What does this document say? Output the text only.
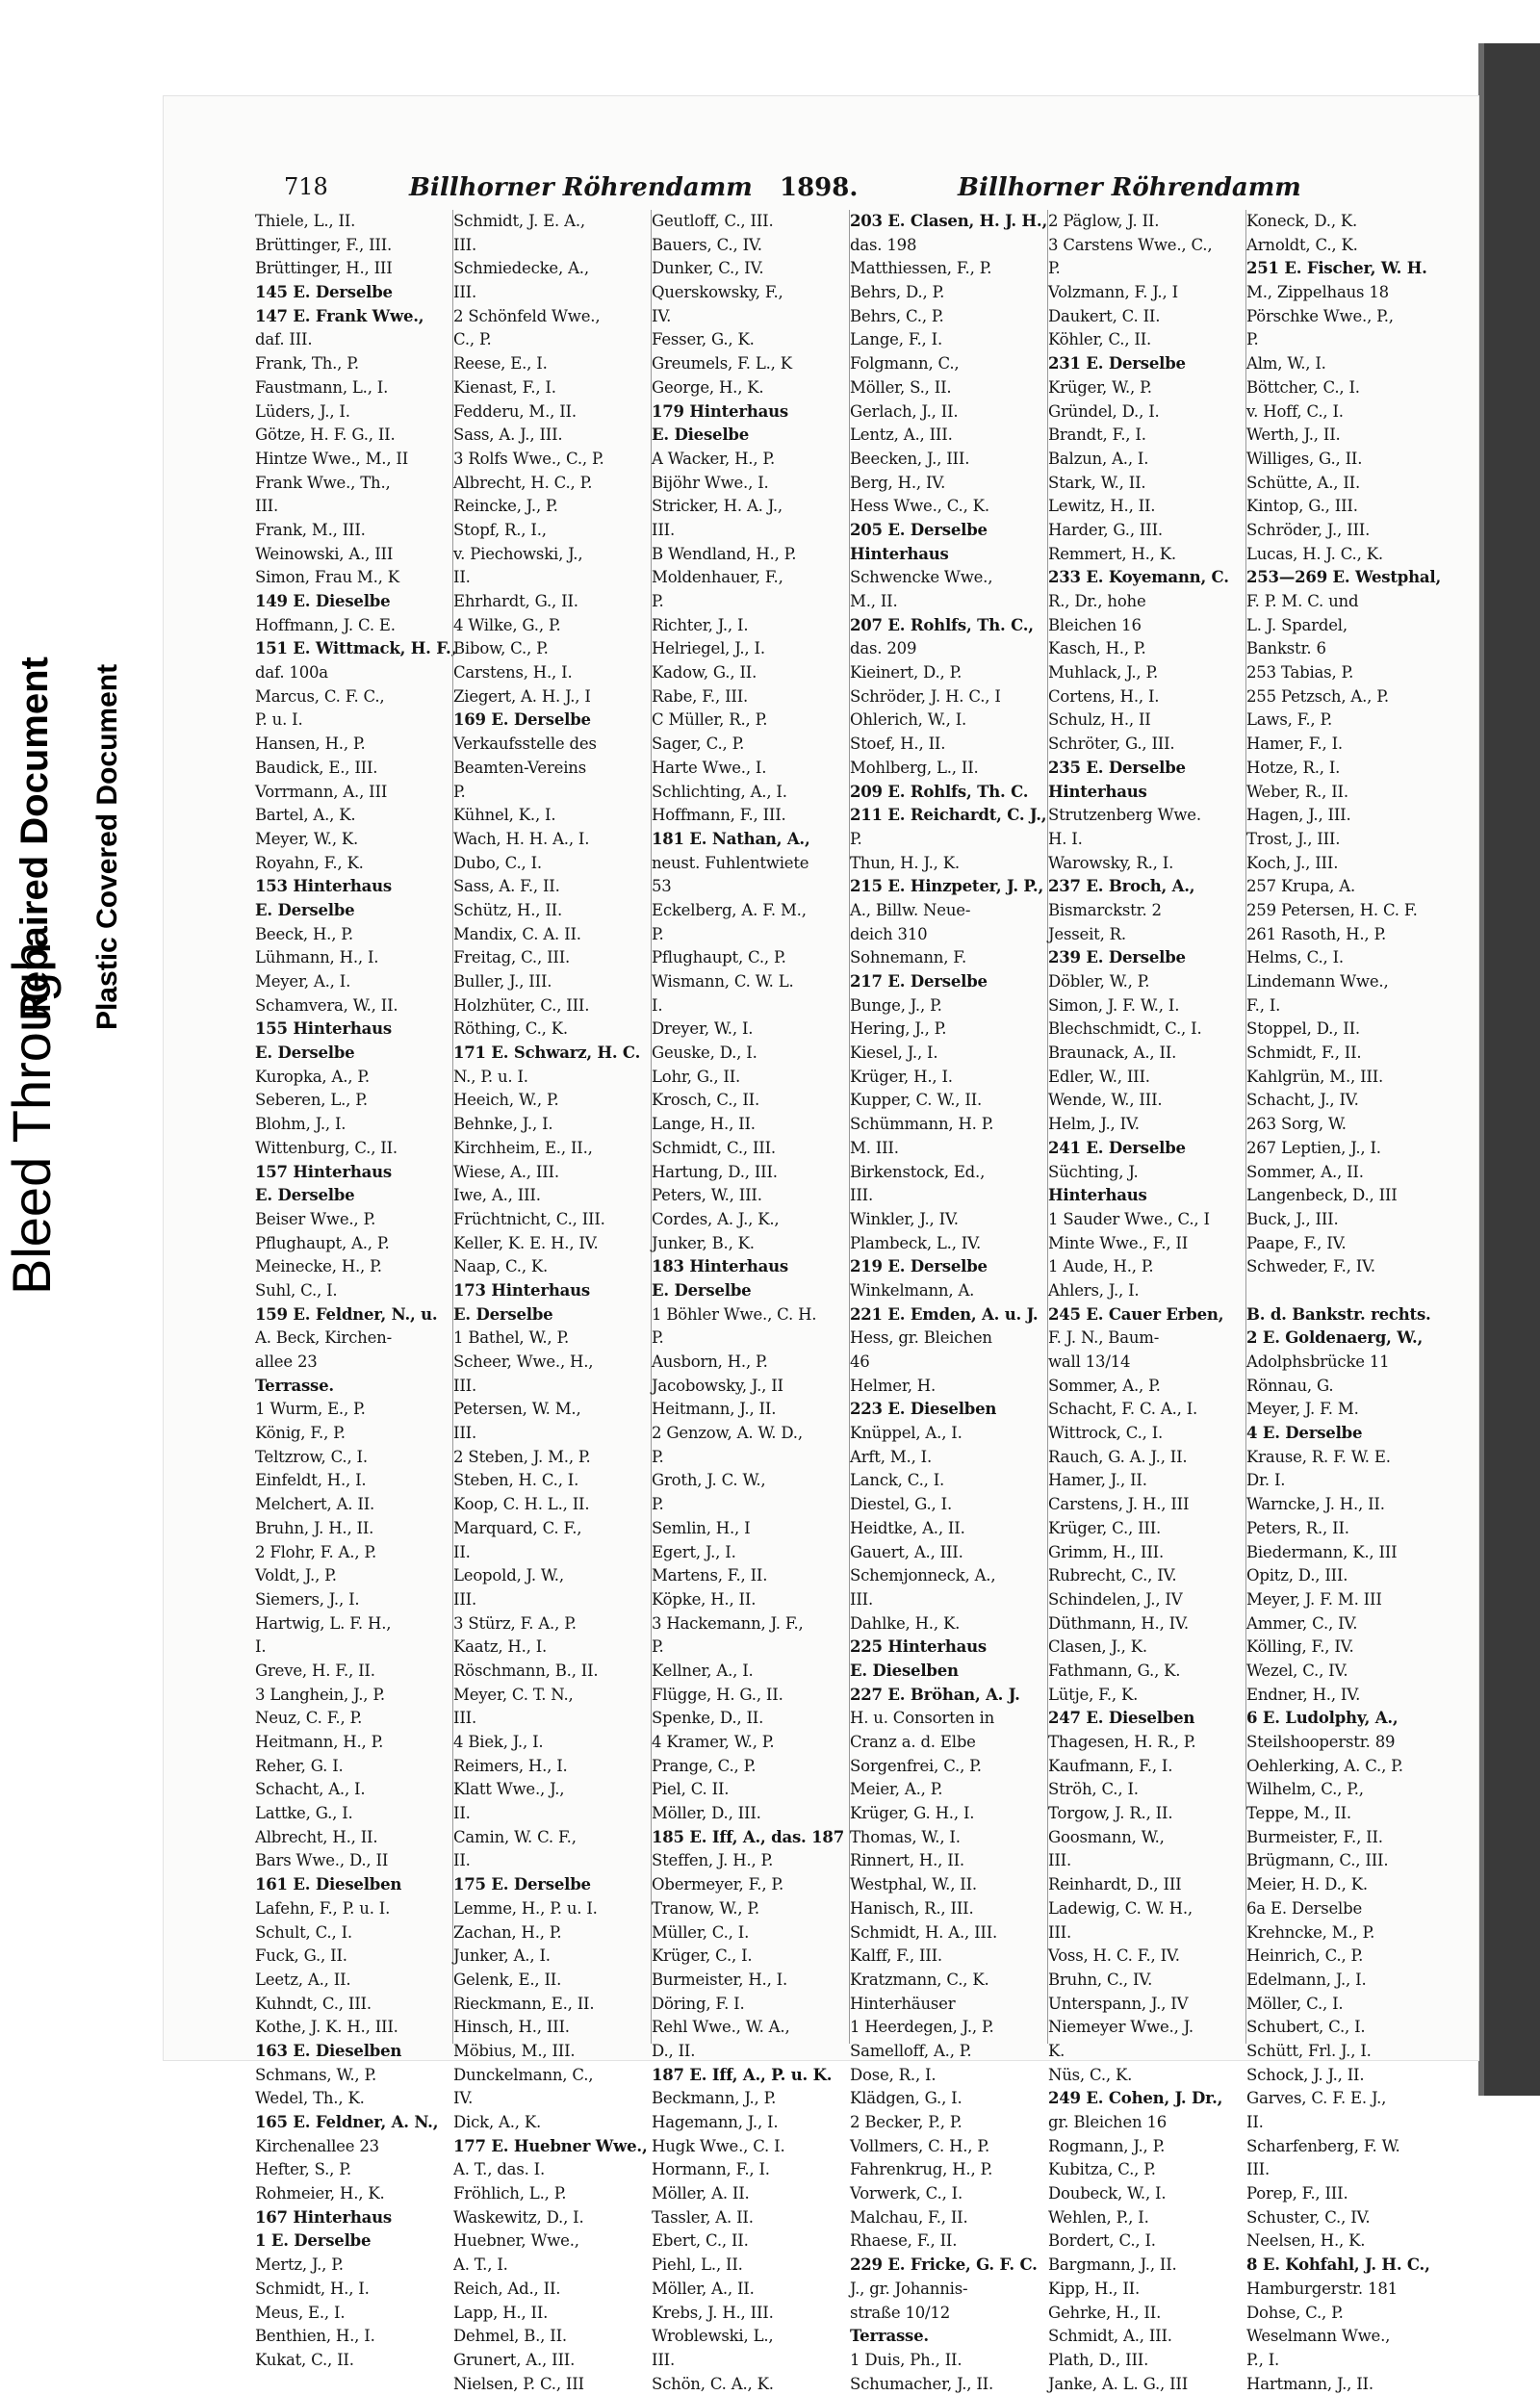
Bleed Through
Repaired Document Plastic Covered Document
718	Billhorner Röhrendamm 1898.	Billhorner Röhrendamm
Thiele, L., II.
Brüttinger, F., III.
Brüttinger, H., III
145 E. Derselbe
147 E. Frank Wwe.,
daf. III.
Frank, Th., P.
Faustmann, L., I.
Lüders, J., I.
Götze, H. F. G., II.
Hintze Wwe., M., II
Frank Wwe., Th.,
III.
Frank, M., III.
Weinowski, A., III
Simon, Frau M., K
149 E. Dieselbe
Hoffmann, J. C. E.
151 E. Wittmack, H. F.,
daf. 100a
Marcus, C. F. C.,
P. u. I.
Hansen, H., P.
Baudick, E., III.
Vorrmann, A., III
Bartel, A., K.
Meyer, W., K.
Royahn, F., K.
153 Hinterhaus
E. Derselbe
Beeck, H., P.
Lühmann, H., I.
Meyer, A., I.
Schamvera, W., II.
155 Hinterhaus
E. Derselbe
Kuropka, A., P.
Seberen, L., P.
Blohm, J., I.
Wittenburg, C., II.
157 Hinterhaus
E. Derselbe
Beiser Wwe., P.
Pflughaupt, A., P.
Meinecke, H., P.
Suhl, C., I.
159 E. Feldner, N., u.
A. Beck, Kirchen-
allee 23
Terrasse.
1 Wurm, E., P.
König, F., P.
Teltzrow, C., I.
Einfeldt, H., I.
Melchert, A. II.
Bruhn, J. H., II.
2 Flohr, F. A., P.
Voldt, J., P.
Siemers, J., I.
Hartwig, L. F. H.,
I.
Greve, H. F., II.
3 Langhein, J., P.
Neuz, C. F., P.
Heitmann, H., P.
Reher, G. I.
Schacht, A., I.
Lattke, G., I.
Albrecht, H., II.
Bars Wwe., D., II
161 E. Dieselben
Lafehn, F., P. u. I.
Schult, C., I.
Fuck, G., II.
Leetz, A., II.
Kuhndt, C., III.
Kothe, J. K. H., III.
163 E. Dieselben
Schmans, W., P.
Wedel, Th., K.
165 E. Feldner, A. N.,
Kirchenallee 23
Hefter, S., P.
Rohmeier, H., K.
167 Hinterhaus
1 E. Derselbe
Mertz, J., P.
Schmidt, H., I.
Meus, E., I.
Benthien, H., I.
Kukat, C., II.
Schmidt, J. E. A.,
III.
Schmiedecke, A.,
III.
2 Schönfeld Wwe.,
C., P.
Reese, E., I.
Kienast, F., I.
Fedderu, M., II.
Sass, A. J., III.
3 Rolfs Wwe., C., P.
Albrecht, H. C., P.
Reincke, J., P.
Stopf, R., I.,
v. Piechowski, J.,
II.
Ehrhardt, G., II.
4 Wilke, G., P.
Bibow, C., P.
Carstens, H., I.
Ziegert, A. H. J., I
169 E. Derselbe
Verkaufsstelle des
Beamten-Vereins
P.
Kühnel, K., I.
Wach, H. H. A., I.
Dubo, C., I.
Sass, A. F., II.
Schütz, H., II.
Mandix, C. A. II.
Freitag, C., III.
Buller, J., III.
Holzhüter, C., III.
Röthing, C., K.
171 E. Schwarz, H. C.
N., P. u. I.
Heeich, W., P.
Behnke, J., I.
Kirchheim, E., II.,
Wiese, A., III.
Iwe, A., III.
Früchtnicht, C., III.
Keller, K. E. H., IV.
Naap, C., K.
173 Hinterhaus
E. Derselbe
1 Bathel, W., P.
Scheer, Wwe., H.,
III.
Petersen, W. M.,
III.
2 Steben, J. M., P.
Steben, H. C., I.
Koop, C. H. L., II.
Marquard, C. F.,
II.
Leopold, J. W.,
III.
3 Stürz, F. A., P.
Kaatz, H., I.
Röschmann, B., II.
Meyer, C. T. N.,
III.
4 Biek, J., I.
Reimers, H., I.
Klatt Wwe., J.,
II.
Camin, W. C. F.,
II.
175 E. Derselbe
Lemme, H., P. u. I.
Zachan, H., P.
Junker, A., I.
Gelenk, E., II.
Rieckmann, E., II.
Hinsch, H., III.
Möbius, M., III.
Dunckelmann, C.,
IV.
Dick, A., K.
177 E. Huebner Wwe.,
A. T., das. I.
Fröhlich, L., P.
Waskewitz, D., I.
Huebner, Wwe.,
A. T., I.
Reich, Ad., II.
Lapp, H., II.
Dehmel, B., II.
Grunert, A., III.
Nielsen, P. C., III
Geutloff, C., III.
Bauers, C., IV.
Dunker, C., IV.
Querskowsky, F.,
IV.
Fesser, G., K.
Greumels, F. L., K
George, H., K.
179 Hinterhaus
E. Dieselbe
A Wacker, H., P.
Bijöhr Wwe., I.
Stricker, H. A. J.,
III.
B Wendland, H., P.
Moldenhauer, F.,
P.
Richter, J., I.
Helriegel, J., I.
Kadow, G., II.
Rabe, F., III.
C Müller, R., P.
Sager, C., P.
Harte Wwe., I.
Schlichting, A., I.
Hoffmann, F., III.
181 E. Nathan, A.,
neust. Fuhlentwiete
53
Eckelberg, A. F. M.,
P.
Pflughaupt, C., P.
Wismann, C. W. L.
I.
Dreyer, W., I.
Geuske, D., I.
Lohr, G., II.
Krosch, C., II.
Lange, H., II.
Schmidt, C., III.
Hartung, D., III.
Peters, W., III.
Cordes, A. J., K.,
Junker, B., K.
183 Hinterhaus
E. Derselbe
1 Böhler Wwe., C. H.
P.
Ausborn, H., P.
Jacobowsky, J., II
Heitmann, J., II.
2 Genzow, A. W. D.,
P.
Groth, J. C. W.,
P.
Semlin, H., I
Egert, J., I.
Martens, F., II.
Köpke, H., II.
3 Hackemann, J. F.,
P.
Kellner, A., I.
Flügge, H. G., II.
Spenke, D., II.
4 Kramer, W., P.
Prange, C., P.
Piel, C. II.
Möller, D., III.
185 E. Iff, A., das. 187
Steffen, J. H., P.
Obermeyer, F., P.
Tranow, W., P.
Müller, C., I.
Krüger, C., I.
Burmeister, H., I.
Döring, F. I.
Rehl Wwe., W. A.,
D., II.
187 E. Iff, A., P. u. K.
Beckmann, J., P.
Hagemann, J., I.
Hugk Wwe., C. I.
Hormann, F., I.
Möller, A. II.
Tassler, A. II.
Ebert, C., II.
Piehl, L., II.
Möller, A., II.
Krebs, J. H., III.
Wroblewski, L.,
III.
Schön, C. A., K.
203 E. Clasen, H. J. H.,
das. 198
Matthiessen, F., P.
Behrs, D., P.
Behrs, C., P.
Lange, F., I.
Folgmann, C.,
Möller, S., II.
Gerlach, J., II.
Lentz, A., III.
Beecken, J., III.
Berg, H., IV.
Hess Wwe., C., K.
205 E. Derselbe
Hinterhaus
Schwencke Wwe.,
M., II.
207 E. Rohlfs, Th. C.,
das. 209
Kieinert, D., P.
Schröder, J. H. C., I
Ohlerich, W., I.
Stoef, H., II.
Mohlberg, L., II.
209 E. Rohlfs, Th. C.
211 E. Reichardt, C. J.,
P.
Thun, H. J., K.
215 E. Hinzpeter, J. P.,
A., Billw. Neue-
deich 310
Sohnemann, F.
217 E. Derselbe
Bunge, J., P.
Hering, J., P.
Kiesel, J., I.
Krüger, H., I.
Kupper, C. W., II.
Schümmann, H. P.
M. III.
Birkenstock, Ed.,
III.
Winkler, J., IV.
Plambeck, L., IV.
219 E. Derselbe
Winkelmann, A.
221 E. Emden, A. u. J.
Hess, gr. Bleichen
46
Helmer, H.
223 E. Dieselben
Knüppel, A., I.
Arft, M., I.
Lanck, C., I.
Diestel, G., I.
Heidtke, A., II.
Gauert, A., III.
Schemjonneck, A.,
III.
Dahlke, H., K.
225 Hinterhaus
E. Dieselben
227 E. Bröhan, A. J.
H. u. Consorten in
Cranz a. d. Elbe
Sorgenfrei, C., P.
Meier, A., P.
Krüger, G. H., I.
Thomas, W., I.
Rinnert, H., II.
Westphal, W., II.
Hanisch, R., III.
Schmidt, H. A., III.
Kalff, F., III.
Kratzmann, C., K.
Hinterhäuser
1 Heerdegen, J., P.
Samelloff, A., P.
Dose, R., I.
Klädgen, G., I.
2 Becker, P., P.
Vollmers, C. H., P.
Fahrenkrug, H., P.
Vorwerk, C., I.
Malchau, F., II.
Rhaese, F., II.
229 E. Fricke, G. F. C.
J., gr. Johannis-
straße 10/12
Terrasse.
1 Duis, Ph., II.
Schumacher, J., II.
2 Päglow, J. II.
3 Carstens Wwe., C.,
P.
Volzmann, F. J., I
Daukert, C. II.
Köhler, C., II.
231 E. Derselbe
Krüger, W., P.
Gründel, D., I.
Brandt, F., I.
Balzun, A., I.
Stark, W., II.
Lewitz, H., II.
Harder, G., III.
Remmert, H., K.
233 E. Koyemann, C.
R., Dr., hohe
Bleichen 16
Kasch, H., P.
Muhlack, J., P.
Cortens, H., I.
Schulz, H., II
Schröter, G., III.
235 E. Derselbe
Hinterhaus
Strutzenberg Wwe.
H. I.
Warowsky, R., I.
237 E. Broch, A.,
Bismarckstr. 2
Jesseit, R.
239 E. Derselbe
Döbler, W., P.
Simon, J. F. W., I.
Blechschmidt, C., I.
Braunack, A., II.
Edler, W., III.
Wende, W., III.
Helm, J., IV.
241 E. Derselbe
Süchting, J.
Hinterhaus
1 Sauder Wwe., C., I
Minte Wwe., F., II
1 Aude, H., P.
Ahlers, J., I.
245 E. Cauer Erben,
F. J. N., Baum-
wall 13/14
Sommer, A., P.
Schacht, F. C. A., I.
Wittrock, C., I.
Rauch, G. A. J., II.
Hamer, J., II.
Carstens, J. H., III
Krüger, C., III.
Grimm, H., III.
Rubrecht, C., IV.
Schindelen, J., IV
Düthmann, H., IV.
Clasen, J., K.
Fathmann, G., K.
Lütje, F., K.
247 E. Dieselben
Thagesen, H. R., P.
Kaufmann, F., I.
Ströh, C., I.
Torgow, J. R., II.
Goosmann, W.,
III.
Reinhardt, D., III
Ladewig, C. W. H.,
III.
Voss, H. C. F., IV.
Bruhn, C., IV.
Unterspann, J., IV
Niemeyer Wwe., J.
K.
Nüs, C., K.
249 E. Cohen, J. Dr.,
gr. Bleichen 16
Rogmann, J., P.
Kubitza, C., P.
Doubeck, W., I.
Wehlen, P., I.
Bordert, C., I.
Bargmann, J., II.
Kipp, H., II.
Gehrke, H., II.
Schmidt, A., III.
Plath, D., III.
Janke, A. L. G., III
Koneck, D., K.
Arnoldt, C., K.
251 E. Fischer, W. H.
M., Zippelhaus 18
Pörschke Wwe., P.,
P.
Alm, W., I.
Böttcher, C., I.
v. Hoff, C., I.
Werth, J., II.
Williges, G., II.
Schütte, A., II.
Kintop, G., III.
Schröder, J., III.
Lucas, H. J. C., K.
253—269 E. Westphal,
F. P. M. C. und
L. J. Spardel,
Bankstr. 6
253 Tabias, P.
255 Petzsch, A., P.
Laws, F., P.
Hamer, F., I.
Hotze, R., I.
Weber, R., II.
Hagen, J., III.
Trost, J., III.
Koch, J., III.
257 Krupa, A.
259 Petersen, H. C. F.
261 Rasoth, H., P.
Helms, C., I.
Lindemann Wwe.,
F., I.
Stoppel, D., II.
Schmidt, F., II.
Kahlgrün, M., III.
Schacht, J., IV.
263 Sorg, W.
267 Leptien, J., I.
Sommer, A., II.
Langenbeck, D., III
Buck, J., III.
Paape, F., IV.
Schweder, F., IV.
B. d. Bankstr. rechts.
2 E. Goldenaerg, W.,
Adolphsbrücke 11
Rönnau, G.
Meyer, J. F. M.
4 E. Derselbe
Krause, R. F. W. E.
Dr. I.
Warncke, J. H., II.
Peters, R., II.
Biedermann, K., III
Opitz, D., III.
Meyer, J. F. M. III
Ammer, C., IV.
Kölling, F., IV.
Wezel, C., IV.
Endner, H., IV.
6 E. Ludolphy, A.,
Steilshooperstr. 89
Oehlerking, A. C., P.
Wilhelm, C., P.,
Teppe, M., II.
Burmeister, F., II.
Brügmann, C., III.
Meier, H. D., K.
6a E. Derselbe
Krehncke, M., P.
Heinrich, C., P.
Edelmann, J., I.
Möller, C., I.
Schubert, C., I.
Schütt, Frl. J., I.
Schock, J. J., II.
Garves, C. F. E. J.,
II.
Scharfenberg, F. W.
III.
Porep, F., III.
Schuster, C., IV.
Neelsen, H., K.
8 E. Kohfahl, J. H. C.,
Hamburgerstr. 181
Dohse, C., P.
Weselmann Wwe.,
P., I.
Hartmann, J., II.
